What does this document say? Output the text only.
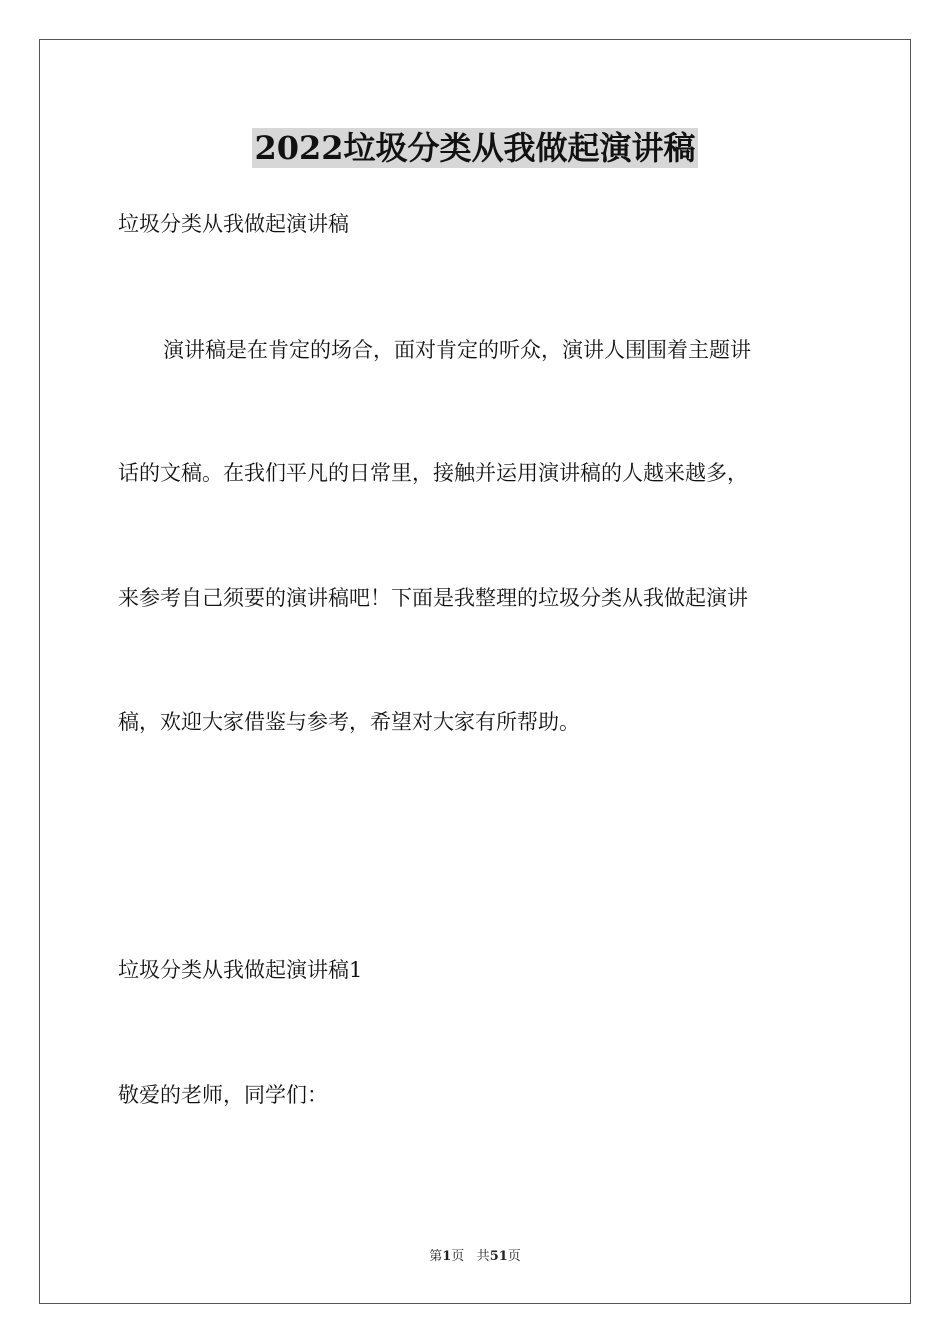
2022垃圾分类从我做起演讲稿
垃圾分类从我做起演讲稿
演讲稿是在肯定的场合，面对肯定的听众，演讲人围围着主题讲
话的文稿。在我们平凡的日常里，接触并运用演讲稿的人越来越多，
来参考自己须要的演讲稿吧！下面是我整理的垃圾分类从我做起演讲
稿，欢迎大家借鉴与参考，希望对大家有所帮助。
垃圾分类从我做起演讲稿1
敬爱的老师，同学们：
第1页 共51页
